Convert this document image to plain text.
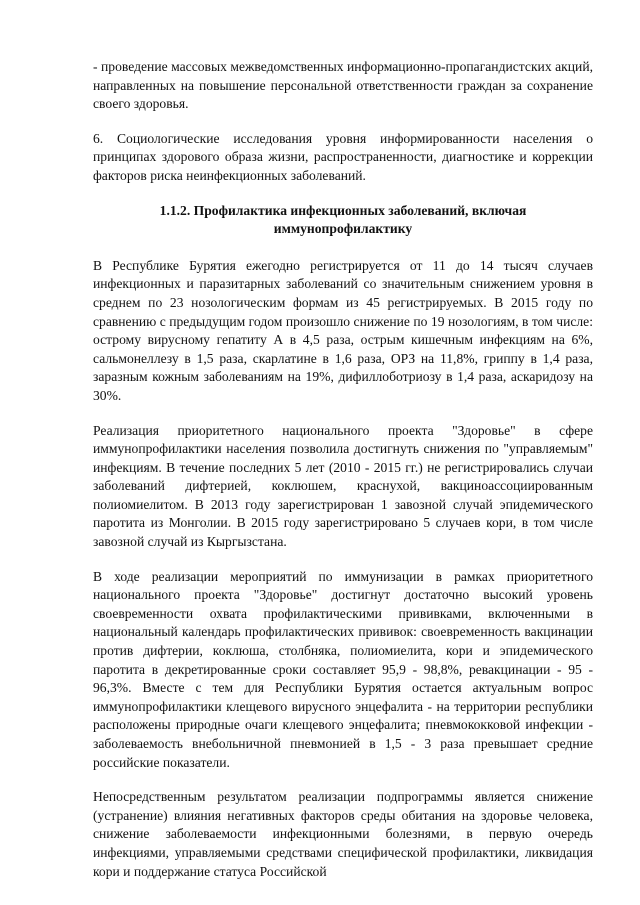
- проведение массовых межведомственных информационно-пропагандистских акций, направленных на повышение персональной ответственности граждан за сохранение своего здоровья.

6. Социологические исследования уровня информированности населения о принципах здорового образа жизни, распространенности, диагностике и коррекции факторов риска неинфекционных заболеваний.

1.1.2. Профилактика инфекционных заболеваний, включая иммунопрофилактику

В Республике Бурятия ежегодно регистрируется от 11 до 14 тысяч случаев инфекционных и паразитарных заболеваний со значительным снижением уровня в среднем по 23 нозологическим формам из 45 регистрируемых. В 2015 году по сравнению с предыдущим годом произошло снижение по 19 нозологиям, в том числе: острому вирусному гепатиту А в 4,5 раза, острым кишечным инфекциям на 6%, сальмонеллезу в 1,5 раза, скарлатине в 1,6 раза, ОРЗ на 11,8%, гриппу в 1,4 раза, заразным кожным заболеваниям на 19%, дифиллоботриозу в 1,4 раза, аскаридозу на 30%.

Реализация приоритетного национального проекта "Здоровье" в сфере иммунопрофилактики населения позволила достигнуть снижения по "управляемым" инфекциям. В течение последних 5 лет (2010 - 2015 гг.) не регистрировались случаи заболеваний дифтерией, коклюшем, краснухой, вакциноассоциированным полиомиелитом. В 2013 году зарегистрирован 1 завозной случай эпидемического паротита из Монголии. В 2015 году зарегистрировано 5 случаев кори, в том числе завозной случай из Кыргызстана.

В ходе реализации мероприятий по иммунизации в рамках приоритетного национального проекта "Здоровье" достигнут достаточно высокий уровень своевременности охвата профилактическими прививками, включенными в национальный календарь профилактических прививок: своевременность вакцинации против дифтерии, коклюша, столбняка, полиомиелита, кори и эпидемического паротита в декретированные сроки составляет 95,9 - 98,8%, ревакцинации - 95 - 96,3%. Вместе с тем для Республики Бурятия остается актуальным вопрос иммунопрофилактики клещевого вирусного энцефалита - на территории республики расположены природные очаги клещевого энцефалита; пневмококковой инфекции - заболеваемость внебольничной пневмонией в 1,5 - 3 раза превышает средние российские показатели.

Непосредственным результатом реализации подпрограммы является снижение (устранение) влияния негативных факторов среды обитания на здоровье человека, снижение заболеваемости инфекционными болезнями, в первую очередь инфекциями, управляемыми средствами специфической профилактики, ликвидация кори и поддержание статуса Российской
